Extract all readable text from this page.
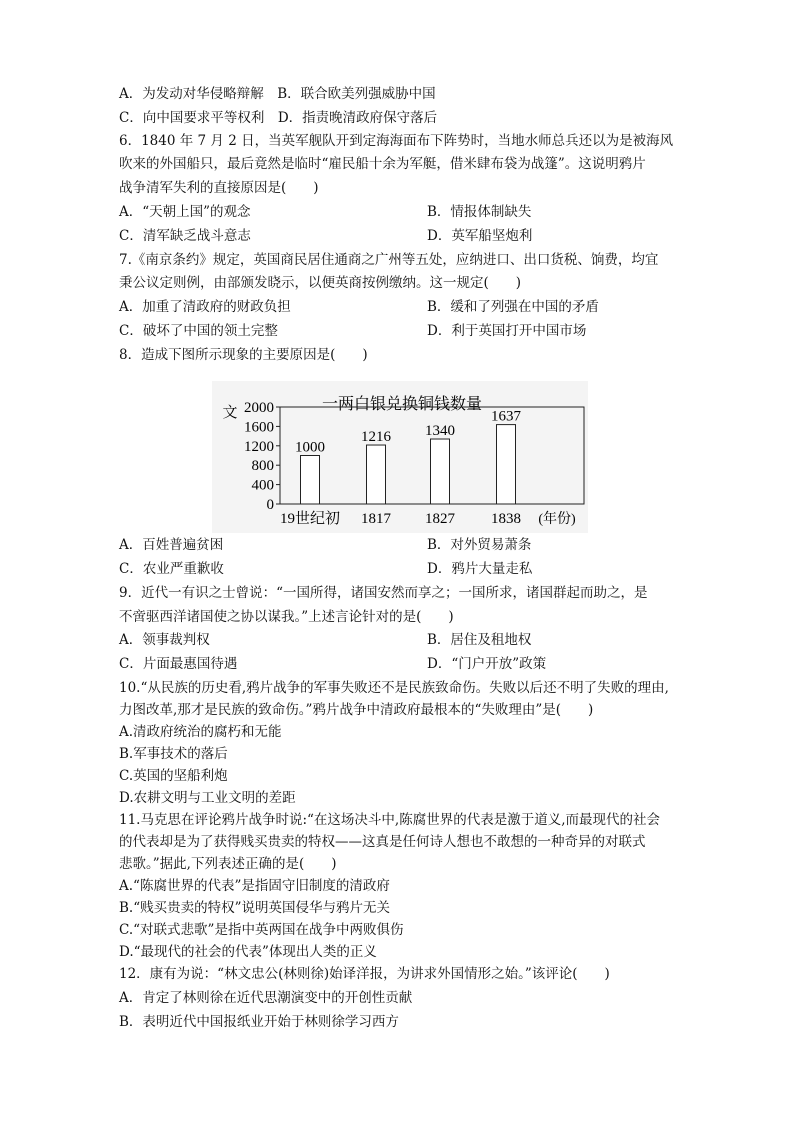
A．为发动对华侵略辩解　B．联合欧美列强威胁中国
C．向中国要求平等权利　D．指责晚清政府保守落后
6．1840 年 7 月 2 日，当英军舰队开到定海海面布下阵势时，当地水师总兵还以为是被海风
吹来的外国船只，最后竟然是临时“雇民船十余为军艇，借米肆布袋为战篷”。这说明鸦片
战争清军失利的直接原因是(　　)
A．“天朝上国”的观念	B．情报体制缺失
C．清军缺乏战斗意志	D．英军船坚炮利
7.《南京条约》规定，英国商民居住通商之广州等五处，应纳进口、出口货税、饷费，均宜
秉公议定则例，由部颁发晓示，以便英商按例缴纳。这一规定(　　)
A．加重了清政府的财政负担	B．缓和了列强在中国的矛盾
C．破坏了中国的领土完整	D．利于英国打开中国市场
8．造成下图所示现象的主要原因是(　　)
A．百姓普遍贫困	B．对外贸易萧条
C．农业严重歉收	D．鸦片大量走私
9．近代一有识之士曾说：“一国所得，诸国安然而享之；一国所求，诸国群起而助之，是
不啻驱西洋诸国使之协以谋我。”上述言论针对的是(　　)
A．领事裁判权	B．居住及租地权
C．片面最惠国待遇	D．“门户开放”政策
10.“从民族的历史看,鸦片战争的军事失败还不是民族致命伤。失败以后还不明了失败的理由,
力图改革,那才是民族的致命伤。”鸦片战争中清政府最根本的“失败理由”是(　　)
A.清政府统治的腐朽和无能
B.军事技术的落后
C.英国的坚船利炮
D.农耕文明与工业文明的差距
11.马克思在评论鸦片战争时说:“在这场决斗中,陈腐世界的代表是激于道义,而最现代的社会
的代表却是为了获得贱买贵卖的特权——这真是任何诗人想也不敢想的一种奇异的对联式
悲歌。”据此,下列表述正确的是(　　)
A.“陈腐世界的代表”是指固守旧制度的清政府
B.“贱买贵卖的特权”说明英国侵华与鸦片无关
C.“对联式悲歌”是指中英两国在战争中两败俱伤
D.“最现代的社会的代表”体现出人类的正义
12．康有为说：“林文忠公(林则徐)始译洋报，为讲求外国情形之始。”该评论(　　)
A．肯定了林则徐在近代思潮演变中的开创性贡献
B．表明近代中国报纸业开始于林则徐学习西方
一两白银兑换铜钱数量
文
(年份)
2000
1600
1200
800
400
0
1000
19世纪初
1216
1817
1340
1827
1637
1838
